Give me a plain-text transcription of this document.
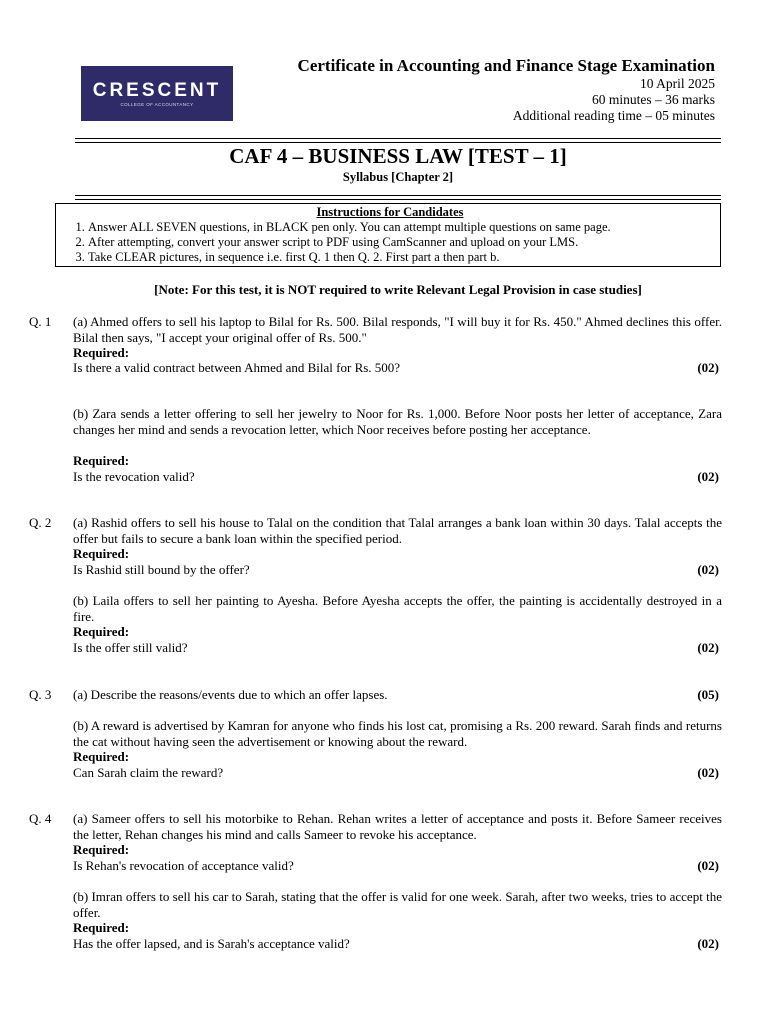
CRESCENT
COLLEGE OF ACCOUNTANCY
Certificate in Accounting and Finance Stage Examination
10 April 2025
60 minutes – 36 marks
Additional reading time – 05 minutes
CAF 4 – BUSINESS LAW [TEST – 1]
Syllabus [Chapter 2]
Instructions for Candidates
1. Answer ALL SEVEN questions, in BLACK pen only. You can attempt multiple questions on same page.
2. After attempting, convert your answer script to PDF using CamScanner and upload on your LMS.
3. Take CLEAR pictures, in sequence i.e. first Q. 1 then Q. 2. First part a then part b.
[Note: For this test, it is NOT required to write Relevant Legal Provision in case studies]
Q. 1 (a) Ahmed offers to sell his laptop to Bilal for Rs. 500. Bilal responds, "I will buy it for Rs. 450." Ahmed declines this offer. Bilal then says, "I accept your original offer of Rs. 500."

Required:
Is there a valid contract between Ahmed and Bilal for Rs. 500?	(02)

(b) Zara sends a letter offering to sell her jewelry to Noor for Rs. 1,000. Before Noor posts her letter of acceptance, Zara changes her mind and sends a revocation letter, which Noor receives before posting her acceptance.

Required:
Is the revocation valid?	(02)
Q. 2 (a) Rashid offers to sell his house to Talal on the condition that Talal arranges a bank loan within 30 days. Talal accepts the offer but fails to secure a bank loan within the specified period.

Required:
Is Rashid still bound by the offer?	(02)

(b) Laila offers to sell her painting to Ayesha. Before Ayesha accepts the offer, the painting is accidentally destroyed in a fire.

Required:
Is the offer still valid?	(02)
Q. 3 (a) Describe the reasons/events due to which an offer lapses.	(05)

(b) A reward is advertised by Kamran for anyone who finds his lost cat, promising a Rs. 200 reward. Sarah finds and returns the cat without having seen the advertisement or knowing about the reward.

Required:
Can Sarah claim the reward?	(02)
Q. 4 (a) Sameer offers to sell his motorbike to Rehan. Rehan writes a letter of acceptance and posts it. Before Sameer receives the letter, Rehan changes his mind and calls Sameer to revoke his acceptance.

Required:
Is Rehan's revocation of acceptance valid?	(02)

(b) Imran offers to sell his car to Sarah, stating that the offer is valid for one week. Sarah, after two weeks, tries to accept the offer.

Required:
Has the offer lapsed, and is Sarah's acceptance valid?	(02)
